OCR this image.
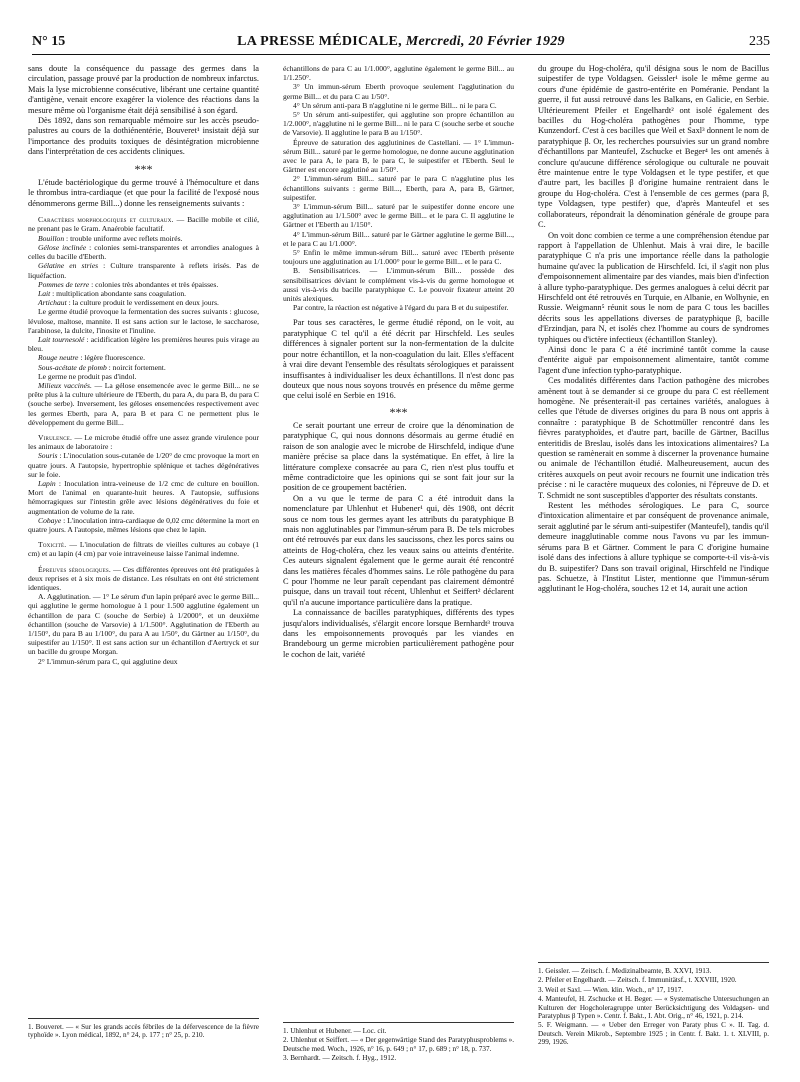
N° 15	LA PRESSE MÉDICALE, Mercredi, 20 Février 1929	235

sans doute la conséquence du passage des germes dans la circulation, passage prouvé par la production de nombreux infarctus. Mais la lyse microbienne consécutive, libérant une certaine quantité d'antigène, venait encore exagérer la violence des réactions dans la mesure même où l'organisme était déjà sensibilisé à son égard.

Dès 1892, dans son remarquable mémoire sur les accès pseudo-palustres au cours de la dothiénentérie, Bouveret¹ insistait déjà sur l'importance des produits toxiques de désintégration microbienne dans l'interprétation de ces accidents cliniques.

***

L'étude bactériologique du germe trouvé à l'hémoculture et dans le thrombus intra-cardiaque (et que pour la facilité de l'exposé nous dénommerons germe Bill...) donne les renseignements suivants :

Caractères morphologiques et culturaux. — Bacille mobile et cilié, ne prenant pas le Gram. Anaérobie facultatif.

Bouillon : trouble uniforme avec reflets moirés.

Gélose inclinée : colonies semi-transparentes et arrondies analogues à celles du bacille d'Eberth.

Gélatine en stries : Culture transparente à reflets irisés. Pas de liquéfaction.

Pommes de terre : colonies très abondantes et très épaisses.

Lait : multiplication abondante sans coagulation.

Artichaut : la culture produit le verdissement en deux jours.

Le germe étudié provoque la fermentation des sucres suivants : glucose, lévulose, maltose, mannite. Il est sans action sur le lactose, le saccharose, l'arabinose, la dulcite, l'inosite et l'inuline.

Lait tournesolé : acidification légère les premières heures puis virage au bleu.

Rouge neutre : légère fluorescence.

Sous-acétate de plomb : noircit fortement.

Le germe ne produit pas d'indol.

Milieux vaccinés. — La gélose ensemencée avec le germe Bill... ne se prête plus à la culture ultérieure de l'Eberth, du para A, du para B, du para C (souche serbe). Inversement, les géloses ensemencées respectivement avec les germes Eberth, para A, para B et para C ne permettent plus le développement du germe Bill...

Virulence. — Le microbe étudié offre une assez grande virulence pour les animaux de laboratoire :

Souris : L'inoculation sous-cutanée de 1/20° de cmc provoque la mort en quatre jours. A l'autopsie, hypertrophie splénique et taches dégénératives sur le foie.

Lapin : Inoculation intra-veineuse de 1/2 cmc de culture en bouillon. Mort de l'animal en quarante-huit heures. A l'autopsie, suffusions hémorragiques sur l'intestin grêle avec lésions dégénératives du foie et augmentation de volume de la rate.

Cobaye : L'inoculation intra-cardiaque de 0,02 cmc détermine la mort en quatre jours. A l'autopsie, mêmes lésions que chez le lapin.

Toxicité. — L'inoculation de filtrats de vieilles cultures au cobaye (1 cm) et au lapin (4 cm) par voie intraveineuse laisse l'animal indemne.

Épreuves sérologiques. — Ces différentes épreuves ont été pratiquées à deux reprises et à six mois de distance. Les résultats en ont été strictement identiques.

A. Agglutination. — 1° Le sérum d'un lapin préparé avec le germe Bill... qui agglutine le germe homologue à 1 pour 1.500 agglutine également un échantillon de para C (souche de Serbie) à 1/2000°, et un deuxième échantillon (souche de Varsovie) à 1/1.500°. Agglutination de l'Eberth au 1/150°, du para B au 1/100°, du para A au 1/50°, du Gärtner au 1/150°, du suipestifer au 1/150°. Il est sans action sur un échantillon d'Aertryck et sur un bacille du groupe Morgan.

2° L'immun-sérum para C, qui agglutine deux

1. Bouveret. — « Sur les grands accès fébriles de la défervescence de la fièvre typhoïde ». Lyon médical, 1892, n° 24, p. 177 ; n° 25, p. 210.

échantillons de para C au 1/1.000°, agglutine également le germe Bill... au 1/1.250°.

3° Un immun-sérum Eberth provoque seulement l'agglutination du germe Bill... et du para C au 1/50°.

4° Un sérum anti-para B n'agglutine ni le germe Bill... ni le para C.

5° Un sérum anti-suipestifer, qui agglutine son propre échantillon au 1/2.000°, n'agglutine ni le germe Bill... ni le para C (souche serbe et souche de Varsovie). Il agglutine le para B au 1/150°.

Épreuve de saturation des agglutinines de Castellani. — 1° L'immun-sérum Bill... saturé par le germe homologue, ne donne aucune agglutination avec le para A, le para B, le para C, le suipestifer et l'Eberth. Seul le Gärtner est encore agglutiné au 1/50°.

2° L'immun-sérum Bill... saturé par le para C n'agglutine plus les échantillons suivants : germe Bill..., Eberth, para A, para B, Gärtner, suipestifer.

3° L'immun-sérum Bill... saturé par le suipestifer donne encore une agglutination au 1/1.500° avec le germe Bill... et le para C. Il agglutine le Gärtner et l'Eberth au 1/150°.

4° L'immun-sérum Bill... saturé par le Gärtner agglutine le germe Bill..., et le para C au 1/1.000°.

5° Enfin le même immun-sérum Bill... saturé avec l'Eberth présente toujours une agglutination au 1/1.000° pour le germe Bill... et le para C.

B. Sensibilisatrices. — L'immun-sérum Bill... possède des sensibilisatrices déviant le complément vis-à-vis du germe homologue et aussi vis-à-vis du bacille paratyphique C. Le pouvoir fixateur atteint 20 unités alexiques.

Par contre, la réaction est négative à l'égard du para B et du suipestifer.

Par tous ses caractères, le germe étudié répond, on le voit, au paratyphique C tel qu'il a été décrit par Hirschfeld. Les seules différences à signaler portent sur la non-fermentation de la dulcite pour notre échantillon, et la non-coagulation du lait. Elles s'effacent à vrai dire devant l'ensemble des résultats sérologiques et paraissent insuffisantes à individualiser les deux échantillons. Il n'est donc pas douteux que nous nous soyons trouvés en présence du même germe que celui isolé en Serbie en 1916.

***

Ce serait pourtant une erreur de croire que la dénomination de paratyphique C, qui nous donnons désormais au germe étudié en raison de son analogie avec le microbe de Hirschfeld, indique d'une manière précise sa place dans la systématique. En effet, à lire la littérature complexe consacrée au para C, rien n'est plus touffu et même contradictoire que les opinions qui se sont fait jour sur la position de ce groupement bactérien.

On a vu que le terme de para C a été introduit dans la nomenclature par Uhlenhut et Hubener¹ qui, dès 1908, ont décrit sous ce nom tous les germes ayant les attributs du paratyphique B mais non agglutinables par l'immun-sérum para B. De tels microbes ont été retrouvés par eux dans les saucissons, chez les porcs sains ou atteints de Hog-choléra, chez les veaux sains ou atteints d'entérite. Ces auteurs signalent également que le germe aurait été rencontré dans les matières fécales d'hommes sains. Le rôle pathogène du para C pour l'homme ne leur paraît cependant pas clairement démontré puisque, dans un travail tout récent, Uhlenhut et Seiffert² déclarent qu'il n'a aucune importance particulière dans la pratique.

La connaissance de bacilles paratyphiques, différents des types jusqu'alors individualisés, s'élargit encore lorsque Bernhardt³ trouva dans les empoisonnements provoqués par les viandes en Brandebourg un germe microbien particulièrement pathogène pour le cochon de lait, variété

1. Uhlenhut et Hubener. — Loc. cit.

2. Uhlenhut et Seiffert. — « Der gegenwärtige Stand des Paratyphusproblems ». Deutsche med. Woch., 1926, n° 16, p. 649 ; n° 17, p. 689 ; n° 18, p. 737.

3. Bernhardt. — Zeitsch. f. Hyg., 1912.

du groupe du Hog-choléra, qu'il désigna sous le nom de Bacillus suipestifer de type Voldagsen. Geissler¹ isole le même germe au cours d'une épidémie de gastro-entérite en Poméranie. Pendant la guerre, il fut aussi retrouvé dans les Balkans, en Galicie, en Serbie. Ultérieurement Pfeiler et Engelhardt² ont isolé également des bacilles du Hog-choléra pathogènes pour l'homme, type Kunzendorf. C'est à ces bacilles que Weil et Saxl³ donnent le nom de paratyphique β. Or, les recherches poursuivies sur un grand nombre d'échantillons par Manteufel, Zschucke et Beger⁴ les ont amenés à conclure qu'aucune différence sérologique ou culturale ne pouvait être maintenue entre le type Voldagsen et le type pestifer, et que d'autre part, les bacilles β d'origine humaine rentraient dans le groupe du Hog-choléra. C'est à l'ensemble de ces germes (para β, type Voldagsen, type pestifer) que, d'après Manteufel et ses collaborateurs, répondrait la dénomination générale de groupe para C.

On voit donc combien ce terme a une compréhension étendue par rapport à l'appellation de Uhlenhut. Mais à vrai dire, le bacille paratyphique C n'a pris une importance réelle dans la pathologie humaine qu'avec la publication de Hirschfeld. Ici, il s'agit non plus d'empoisonnement alimentaire par des viandes, mais bien d'infection à allure typho-paratyphique. Des germes analogues à celui décrit par Hirschfeld ont été retrouvés en Turquie, en Albanie, en Wolhynie, en Russie. Weigmann⁵ réunit sous le nom de para C tous les bacilles décrits sous les appellations diverses de paratyphique β, bacille d'Erzindjan, para N, et isolés chez l'homme au cours de syndromes typhiques ou d'ictère infectieux (échantillon Stanley).

Ainsi donc le para C a été incriminé tantôt comme la cause d'entérite aiguë par empoisonnement alimentaire, tantôt comme l'agent d'une infection typho-paratyphique.

Ces modalités différentes dans l'action pathogène des microbes amènent tout à se demander si ce groupe du para C est réellement homogène. Ne présenterait-il pas certaines variétés, analogues à celles que l'étude de diverses origines du para B nous ont appris à connaître : paratyphique B de Schottmüller rencontré dans les fièvres paratyphoïdes, et d'autre part, bacille de Gärtner, Bacillus enteritidis de Breslau, isolés dans les intoxications alimentaires? La question se ramènerait en somme à discerner la provenance humaine ou animale de l'échantillon étudié. Malheureusement, aucun des critères auxquels on peut avoir recours ne fournit une indication très précise : ni le caractère muqueux des colonies, ni l'épreuve de D. et T. Schmidt ne sont susceptibles d'apporter des résultats constants.

Restent les méthodes sérologiques. Le para C, source d'intoxication alimentaire et par conséquent de provenance animale, serait agglutiné par le sérum anti-suipestifer (Manteufel), tandis qu'il demeure inagglutinable comme nous l'avons vu par les immun-sérums para B et Gärtner. Comment le para C d'origine humaine isolé dans des infections à allure typhique se comporte-t-il vis-à-vis du B. suipestifer? Dans son travail original, Hirschfeld ne l'indique pas. Schuetze, à l'Institut Lister, mentionne que l'immun-sérum agglutinant le Hog-choléra, souches 12 et 14, aurait une action

1. Geissler. — Zeitsch. f. Medizinalbeamte, B. XXVI, 1913.

2. Pfeiler et Engelhardt. — Zeitsch. f. Immunitätsf., t. XXVIII, 1920.

3. Weil et Saxl. — Wien. klin. Woch., n° 17, 1917.

4. Manteufel, H. Zschucke et H. Beger. — « Systematische Untersuchungen an Kulturen der Hogcholeragruppe unter Berücksichtigung des Voldagsen- und Paratyphus β Typen ». Centr. f. Bakt., I. Abt. Orig., n° 46, 1921, p. 214.

5. F. Weigmann. — « Ueber den Erreger von Paraty phus C ». II. Tag. d. Deutsch. Verein Mikrob., Septembre 1925 ; in Centr. f. Bakt. 1. t. XLVIII, p. 299, 1926.
